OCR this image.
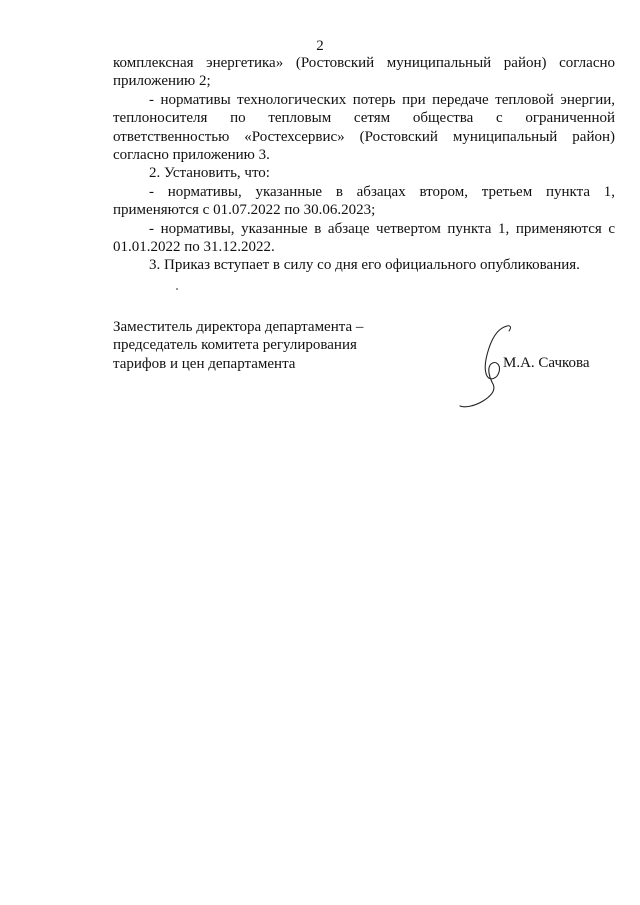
2

комплексная энергетика» (Ростовский муниципальный район) согласно приложению 2;

- нормативы технологических потерь при передаче тепловой энергии, теплоносителя по тепловым сетям общества с ограниченной ответственностью «Ростехсервис» (Ростовский муниципальный район) согласно приложению 3.

2. Установить, что:

- нормативы, указанные в абзацах втором, третьем пункта 1, применяются с 01.07.2022 по 30.06.2023;

- нормативы, указанные в абзаце четвертом пункта 1, применяются с 01.01.2022 по 31.12.2022.

3. Приказ вступает в силу со дня его официального опубликования.

Заместитель директора департамента –
председатель комитета регулирования
тарифов и цен департамента	М.А. Сачкова
